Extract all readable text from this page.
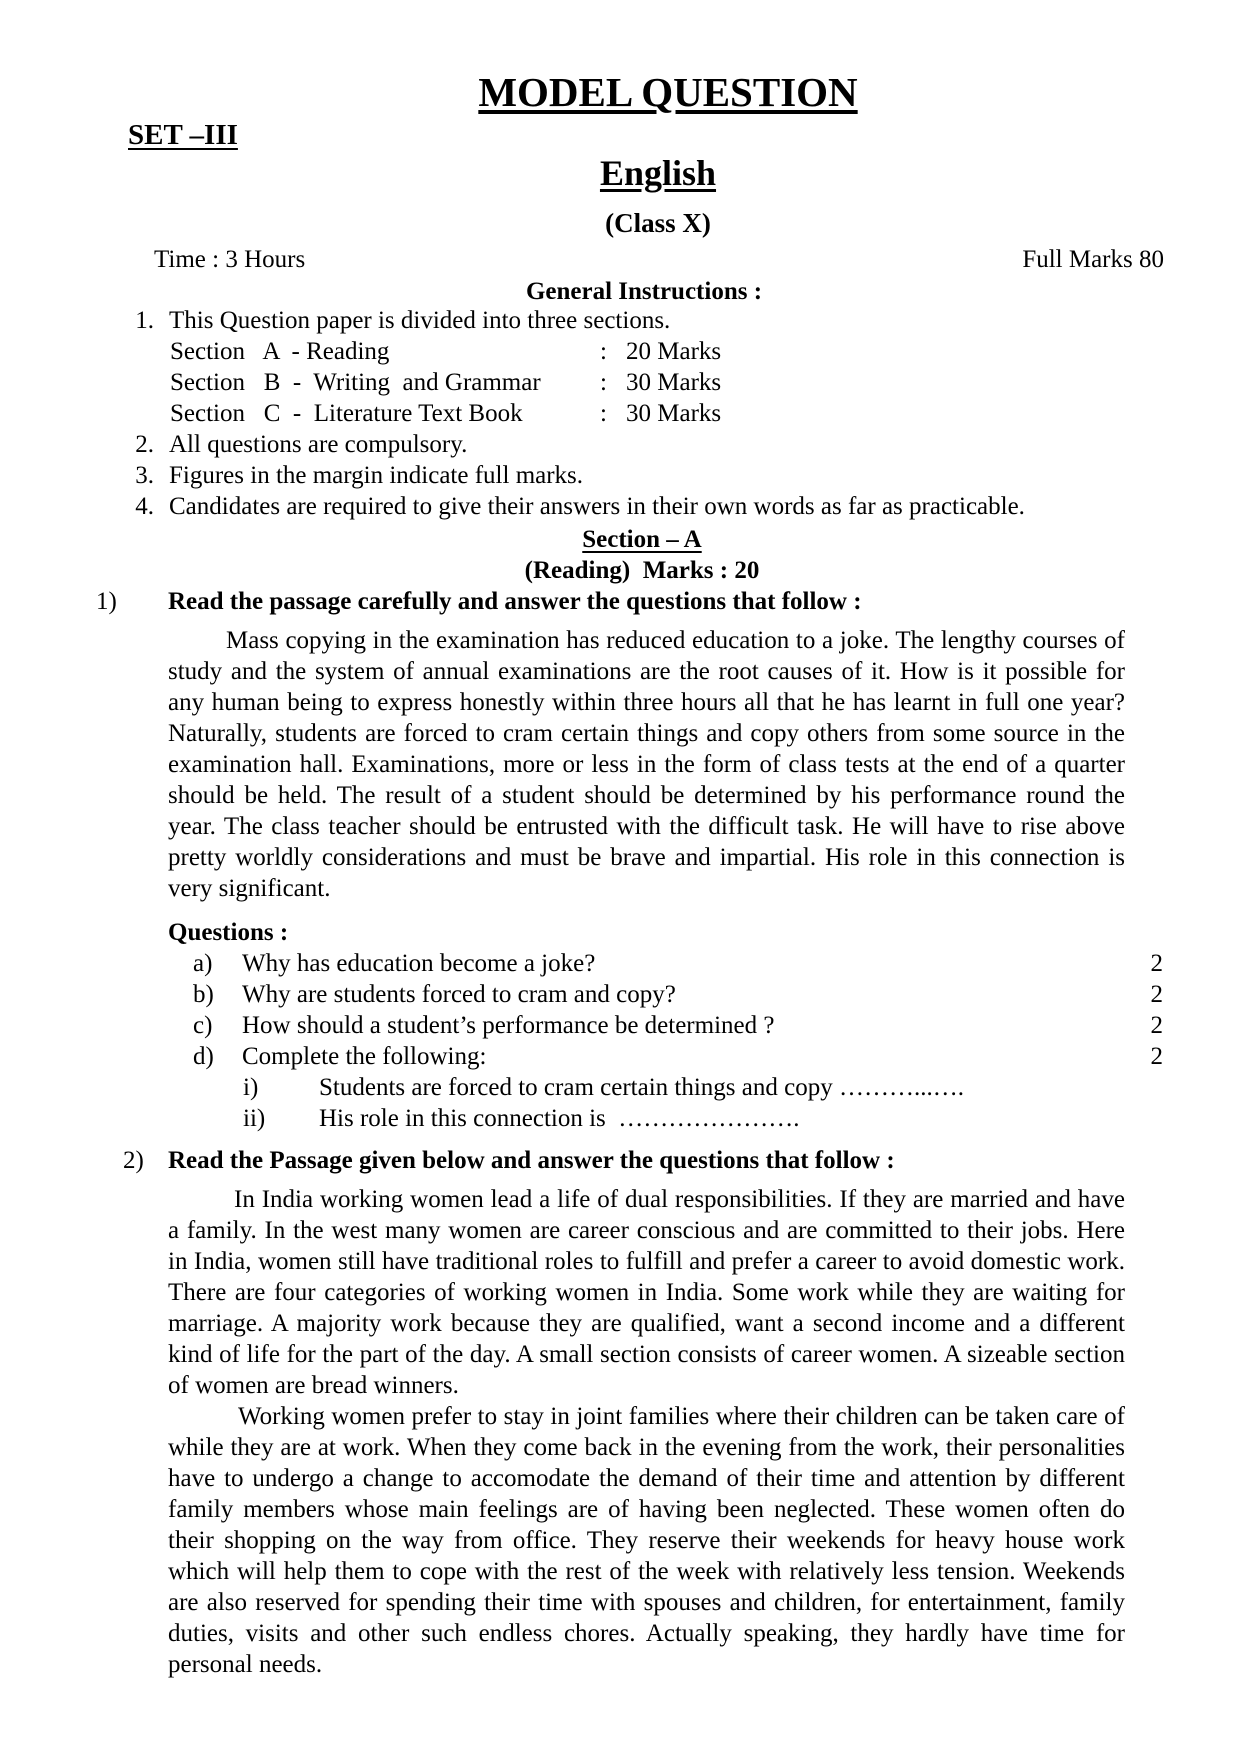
MODEL QUESTION
SET –III
English
(Class X)
Time : 3 Hours	Full Marks 80
General Instructions :
1. This Question paper is divided into three sections.
Section   A  - Reading	: 20 Marks
Section   B  -  Writing  and Grammar : 30 Marks
Section   C  -  Literature Text Book	: 30 Marks
2. All questions are compulsory.
3. Figures in the margin indicate full marks.
4. Candidates are required to give their answers in their own words as far as practicable.
Section – A
(Reading)  Marks : 20
1) Read the passage carefully and answer the questions that follow :

Mass copying in the examination has reduced education to a joke. The lengthy courses of study and the system of annual examinations are the root causes of it. How is it possible for any human being to express honestly within three hours all that he has learnt in full one year? Naturally, students are forced to cram certain things and copy others from some source in the examination hall. Examinations, more or less in the form of class tests at the end of a quarter should be held. The result of a student should be determined by his performance round the year. The class teacher should be entrusted with the difficult task. He will have to rise above pretty worldly considerations and must be brave and impartial. His role in this connection is very significant.

Questions :
a) Why has education become a joke?	2
b) Why are students forced to cram and copy?	2
c) How should a student’s performance be determined ?	2
d) Complete the following:	2
i) Students are forced to cram certain things and copy ………...….
ii) His role in this connection is  ………………….
2) Read the Passage given below and answer the questions that follow :

In India working women lead a life of dual responsibilities. If they are married and have a family. In the west many women are career conscious and are committed to their jobs. Here in India, women still have traditional roles to fulfill and prefer a career to avoid domestic work. There are four categories of working women in India. Some work while they are waiting for marriage. A majority work because they are qualified, want a second income and a different kind of life for the part of the day. A small section consists of career women. A sizeable section of women are bread winners.

Working women prefer to stay in joint families where their children can be taken care of while they are at work. When they come back in the evening from the work, their personalities have to undergo a change to accomodate the demand of their time and attention by different family members whose main feelings are of having been neglected. These women often do their shopping on the way from office. They reserve their weekends for heavy house work which will help them to cope with the rest of the week with relatively less tension. Weekends are also reserved for spending their time with spouses and children, for entertainment, family duties, visits and other such endless chores. Actually speaking, they hardly have time for personal needs.
